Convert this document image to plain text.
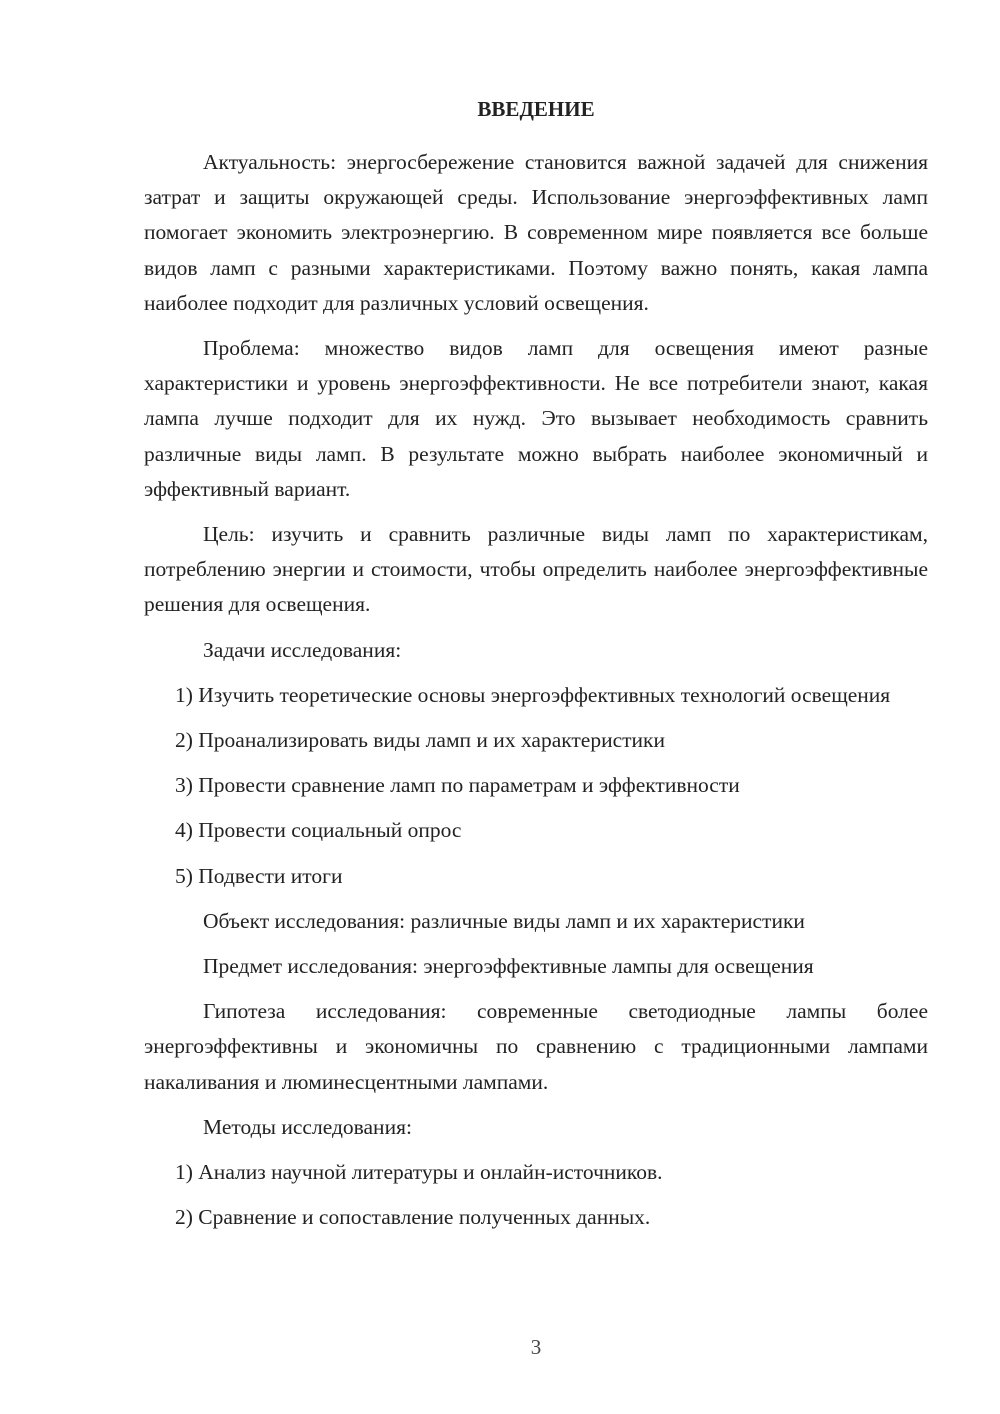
ВВЕДЕНИЕ

Актуальность: энергосбережение становится важной задачей для снижения затрат и защиты окружающей среды. Использование энергоэффективных ламп помогает экономить электроэнергию. В современном мире появляется все больше видов ламп с разными характеристиками. Поэтому важно понять, какая лампа наиболее подходит для различных условий освещения.

Проблема: множество видов ламп для освещения имеют разные характеристики и уровень энергоэффективности. Не все потребители знают, какая лампа лучше подходит для их нужд. Это вызывает необходимость сравнить различные виды ламп. В результате можно выбрать наиболее экономичный и эффективный вариант.

Цель: изучить и сравнить различные виды ламп по характеристикам, потреблению энергии и стоимости, чтобы определить наиболее энергоэффективные решения для освещения.

Задачи исследования:

1) Изучить теоретические основы энергоэффективных технологий освещения

2) Проанализировать виды ламп и их характеристики

3) Провести сравнение ламп по параметрам и эффективности

4) Провести социальный опрос

5) Подвести итоги

Объект исследования: различные виды ламп и их характеристики

Предмет исследования: энергоэффективные лампы для освещения

Гипотеза исследования: современные светодиодные лампы более энергоэффективны и экономичны по сравнению с традиционными лампами накаливания и люминесцентными лампами.

Методы исследования:

1) Анализ научной литературы и онлайн-источников.

2) Сравнение и сопоставление полученных данных.

3
